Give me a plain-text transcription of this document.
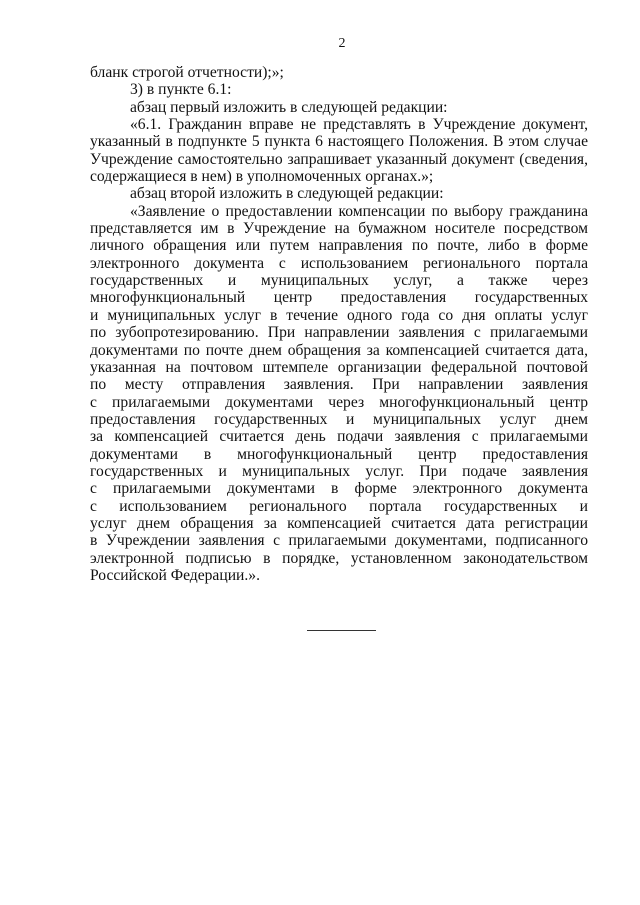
2
бланк строгой отчетности);»;
3) в пункте 6.1:
абзац первый изложить в следующей редакции:
«6.1. Гражданин вправе не представлять в Учреждение документ,
указанный в подпункте 5 пункта 6 настоящего Положения. В этом случае
Учреждение самостоятельно запрашивает указанный документ (сведения,
содержащиеся в нем) в уполномоченных органах.»;
абзац второй изложить в следующей редакции:
«Заявление о предоставлении компенсации по выбору гражданина
представляется им в Учреждение на бумажном носителе посредством
личного обращения или путем направления по почте, либо в форме
электронного документа с использованием регионального портала
государственных и муниципальных услуг, а также через
многофункциональный центр предоставления государственных
и муниципальных услуг в течение одного года со дня оплаты услуг
по зубопротезированию. При направлении заявления с прилагаемыми
документами по почте днем обращения за компенсацией считается дата,
указанная на почтовом штемпеле организации федеральной почтовой
по месту отправления заявления. При направлении заявления
с прилагаемыми документами через многофункциональный центр
предоставления государственных и муниципальных услуг днем
за компенсацией считается день подачи заявления с прилагаемыми
документами в многофункциональный центр предоставления
государственных и муниципальных услуг. При подаче заявления
с прилагаемыми документами в форме электронного документа
с использованием регионального портала государственных и
услуг днем обращения за компенсацией считается дата регистрации
в Учреждении заявления с прилагаемыми документами, подписанного
электронной подписью в порядке, установленном законодательством
Российской Федерации.».
